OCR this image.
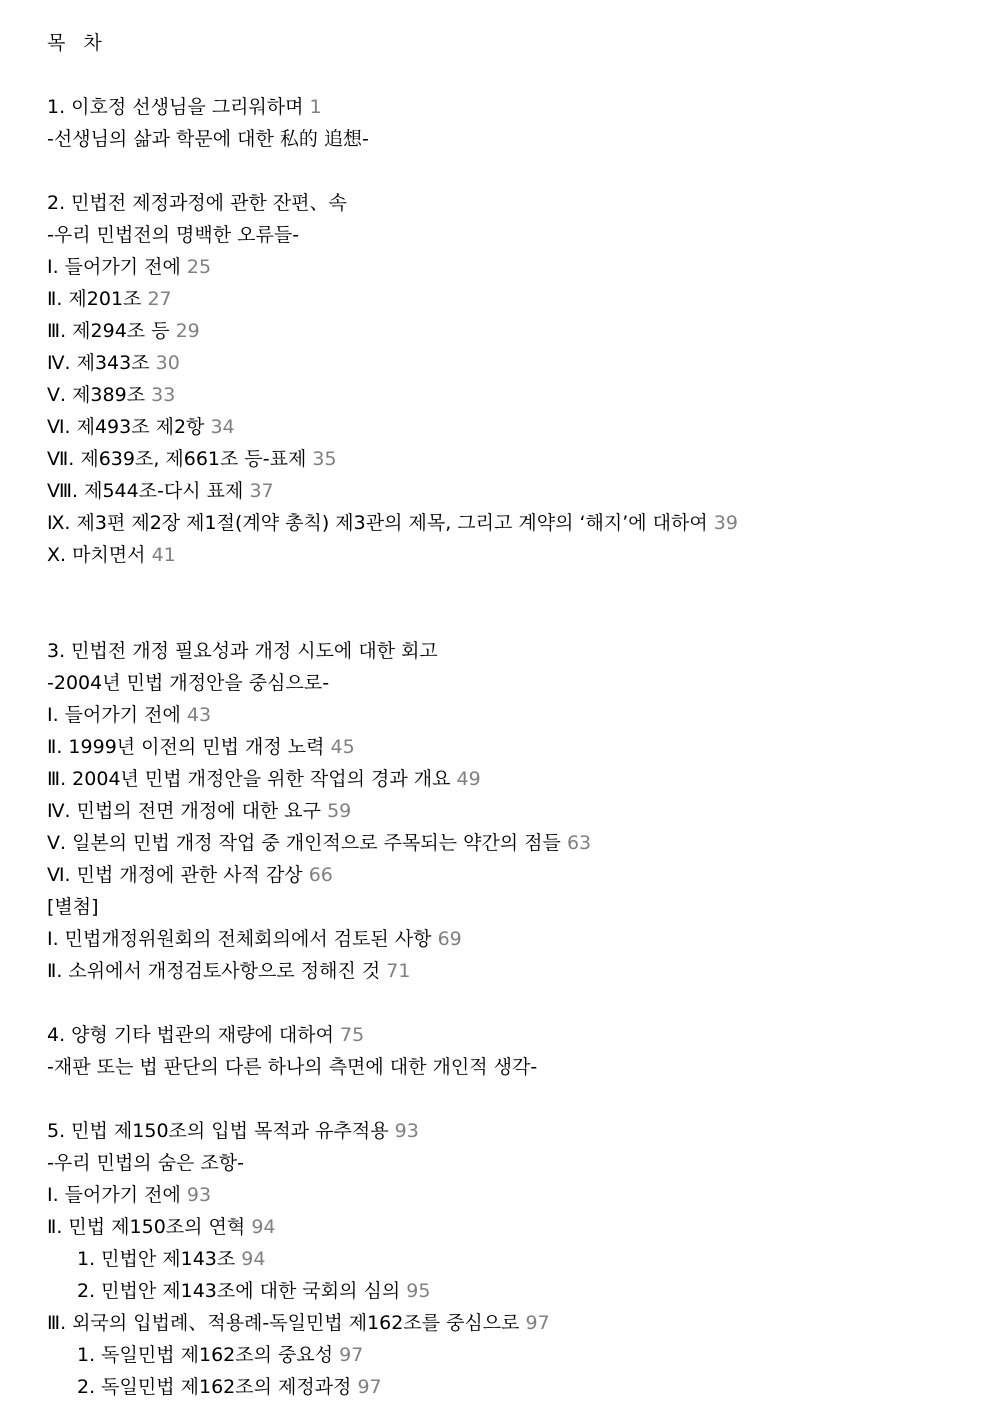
목 차
1. 이호정 선생님을 그리워하며 1
-선생님의 삶과 학문에 대한 私的 追想-
2. 민법전 제정과정에 관한 잔편、속
-우리 민법전의 명백한 오류들-
Ⅰ. 들어가기 전에 25
Ⅱ. 제201조 27
Ⅲ. 제294조 등 29
Ⅳ. 제343조 30
Ⅴ. 제389조 33
Ⅵ. 제493조 제2항 34
Ⅶ. 제639조, 제661조 등-표제 35
Ⅷ. 제544조-다시 표제 37
Ⅸ. 제3편 제2장 제1절(계약 총칙) 제3관의 제목, 그리고 계약의 ‘해지’에 대하여 39
Ⅹ. 마치면서 41
3. 민법전 개정 필요성과 개정 시도에 대한 회고
-2004년 민법 개정안을 중심으로-
Ⅰ. 들어가기 전에 43
Ⅱ. 1999년 이전의 민법 개정 노력 45
Ⅲ. 2004년 민법 개정안을 위한 작업의 경과 개요 49
Ⅳ. 민법의 전면 개정에 대한 요구 59
Ⅴ. 일본의 민법 개정 작업 중 개인적으로 주목되는 약간의 점들 63
Ⅵ. 민법 개정에 관한 사적 감상 66
[별첨]
Ⅰ. 민법개정위원회의 전체회의에서 검토된 사항 69
Ⅱ. 소위에서 개정검토사항으로 정해진 것 71
4. 양형 기타 법관의 재량에 대하여 75
-재판 또는 법 판단의 다른 하나의 측면에 대한 개인적 생각-
5. 민법 제150조의 입법 목적과 유추적용 93
-우리 민법의 숨은 조항-
Ⅰ. 들어가기 전에 93
Ⅱ. 민법 제150조의 연혁 94
1. 민법안 제143조 94
2. 민법안 제143조에 대한 국회의 심의 95
Ⅲ. 외국의 입법례、적용례-독일민법 제162조를 중심으로 97
1. 독일민법 제162조의 중요성 97
2. 독일민법 제162조의 제정과정 97
